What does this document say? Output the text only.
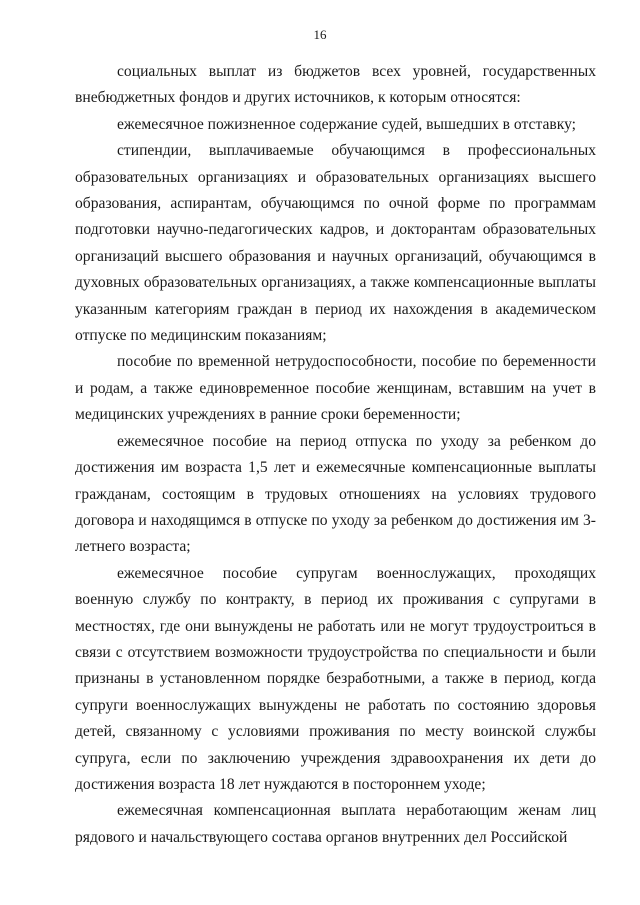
16

социальных выплат из бюджетов всех уровней, государственных внебюджетных фондов и других источников, к которым относятся:

ежемесячное пожизненное содержание судей, вышедших в отставку;

стипендии, выплачиваемые обучающимся в профессиональных образовательных организациях и образовательных организациях высшего образования, аспирантам, обучающимся по очной форме по программам подготовки научно-педагогических кадров, и докторантам образовательных организаций высшего образования и научных организаций, обучающимся в духовных образовательных организациях, а также компенсационные выплаты указанным категориям граждан в период их нахождения в академическом отпуске по медицинским показаниям;

пособие по временной нетрудоспособности, пособие по беременности и родам, а также единовременное пособие женщинам, вставшим на учет в медицинских учреждениях в ранние сроки беременности;

ежемесячное пособие на период отпуска по уходу за ребенком до достижения им возраста 1,5 лет и ежемесячные компенсационные выплаты гражданам, состоящим в трудовых отношениях на условиях трудового договора и находящимся в отпуске по уходу за ребенком до достижения им 3-летнего возраста;

ежемесячное пособие супругам военнослужащих, проходящих военную службу по контракту, в период их проживания с супругами в местностях, где они вынуждены не работать или не могут трудоустроиться в связи с отсутствием возможности трудоустройства по специальности и были признаны в установленном порядке безработными, а также в период, когда супруги военнослужащих вынуждены не работать по состоянию здоровья детей, связанному с условиями проживания по месту воинской службы супруга, если по заключению учреждения здравоохранения их дети до достижения возраста 18 лет нуждаются в постороннем уходе;

ежемесячная компенсационная выплата неработающим женам лиц рядового и начальствующего состава органов внутренних дел Российской
